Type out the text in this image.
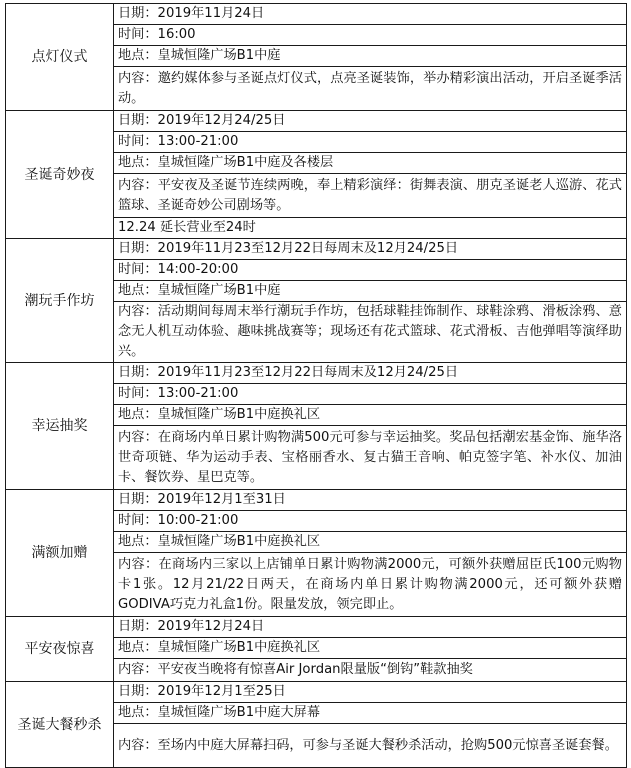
点灯仪式	日期：2019年11月24日
	时间：16:00
	地点：皇城恒隆广场B1中庭
	内容：邀约媒体参与圣诞点灯仪式，点亮圣诞装饰，举办精彩演出活动，开启圣诞季活动。
圣诞奇妙夜	日期：2019年12月24/25日
	时间：13:00-21:00
	地点：皇城恒隆广场B1中庭及各楼层
	内容：平安夜及圣诞节连续两晚，奉上精彩演绎：街舞表演、朋克圣诞老人巡游、花式篮球、圣诞奇妙公司剧场等。
	12.24 延长营业至24时
潮玩手作坊	日期：2019年11月23至12月22日每周末及12月24/25日
	时间：14:00-20:00
	地点：皇城恒隆广场B1中庭
	内容：活动期间每周末举行潮玩手作坊，包括球鞋挂饰制作、球鞋涂鸦、滑板涂鸦、意念无人机互动体验、趣味挑战赛等；现场还有花式篮球、花式滑板、吉他弹唱等演绎助兴。
幸运抽奖	日期：2019年11月23至12月22日每周末及12月24/25日
	时间：13:00-21:00
	地点：皇城恒隆广场B1中庭换礼区
	内容：在商场内单日累计购物满500元可参与幸运抽奖。奖品包括潮宏基金饰、施华洛世奇项链、华为运动手表、宝格丽香水、复古猫王音响、帕克签字笔、补水仪、加油卡、餐饮券、星巴克等。
满额加赠	日期：2019年12月1至31日
	时间：10:00-21:00
	地点：皇城恒隆广场B1中庭换礼区
	内容：在商场内三家以上店铺单日累计购物满2000元，可额外获赠屈臣氏100元购物卡1张。12月21/22日两天，在商场内单日累计购物满2000元，还可额外获赠GODIVA巧克力礼盒1份。限量发放，领完即止。
平安夜惊喜	日期：2019年12月24日
	地点：皇城恒隆广场B1中庭换礼区
	内容：平安夜当晚将有惊喜Air Jordan限量版“倒钩”鞋款抽奖
圣诞大餐秒杀	日期：2019年12月1至25日
	地点：皇城恒隆广场B1中庭大屏幕
	内容：至场内中庭大屏幕扫码，可参与圣诞大餐秒杀活动，抢购500元惊喜圣诞套餐。
